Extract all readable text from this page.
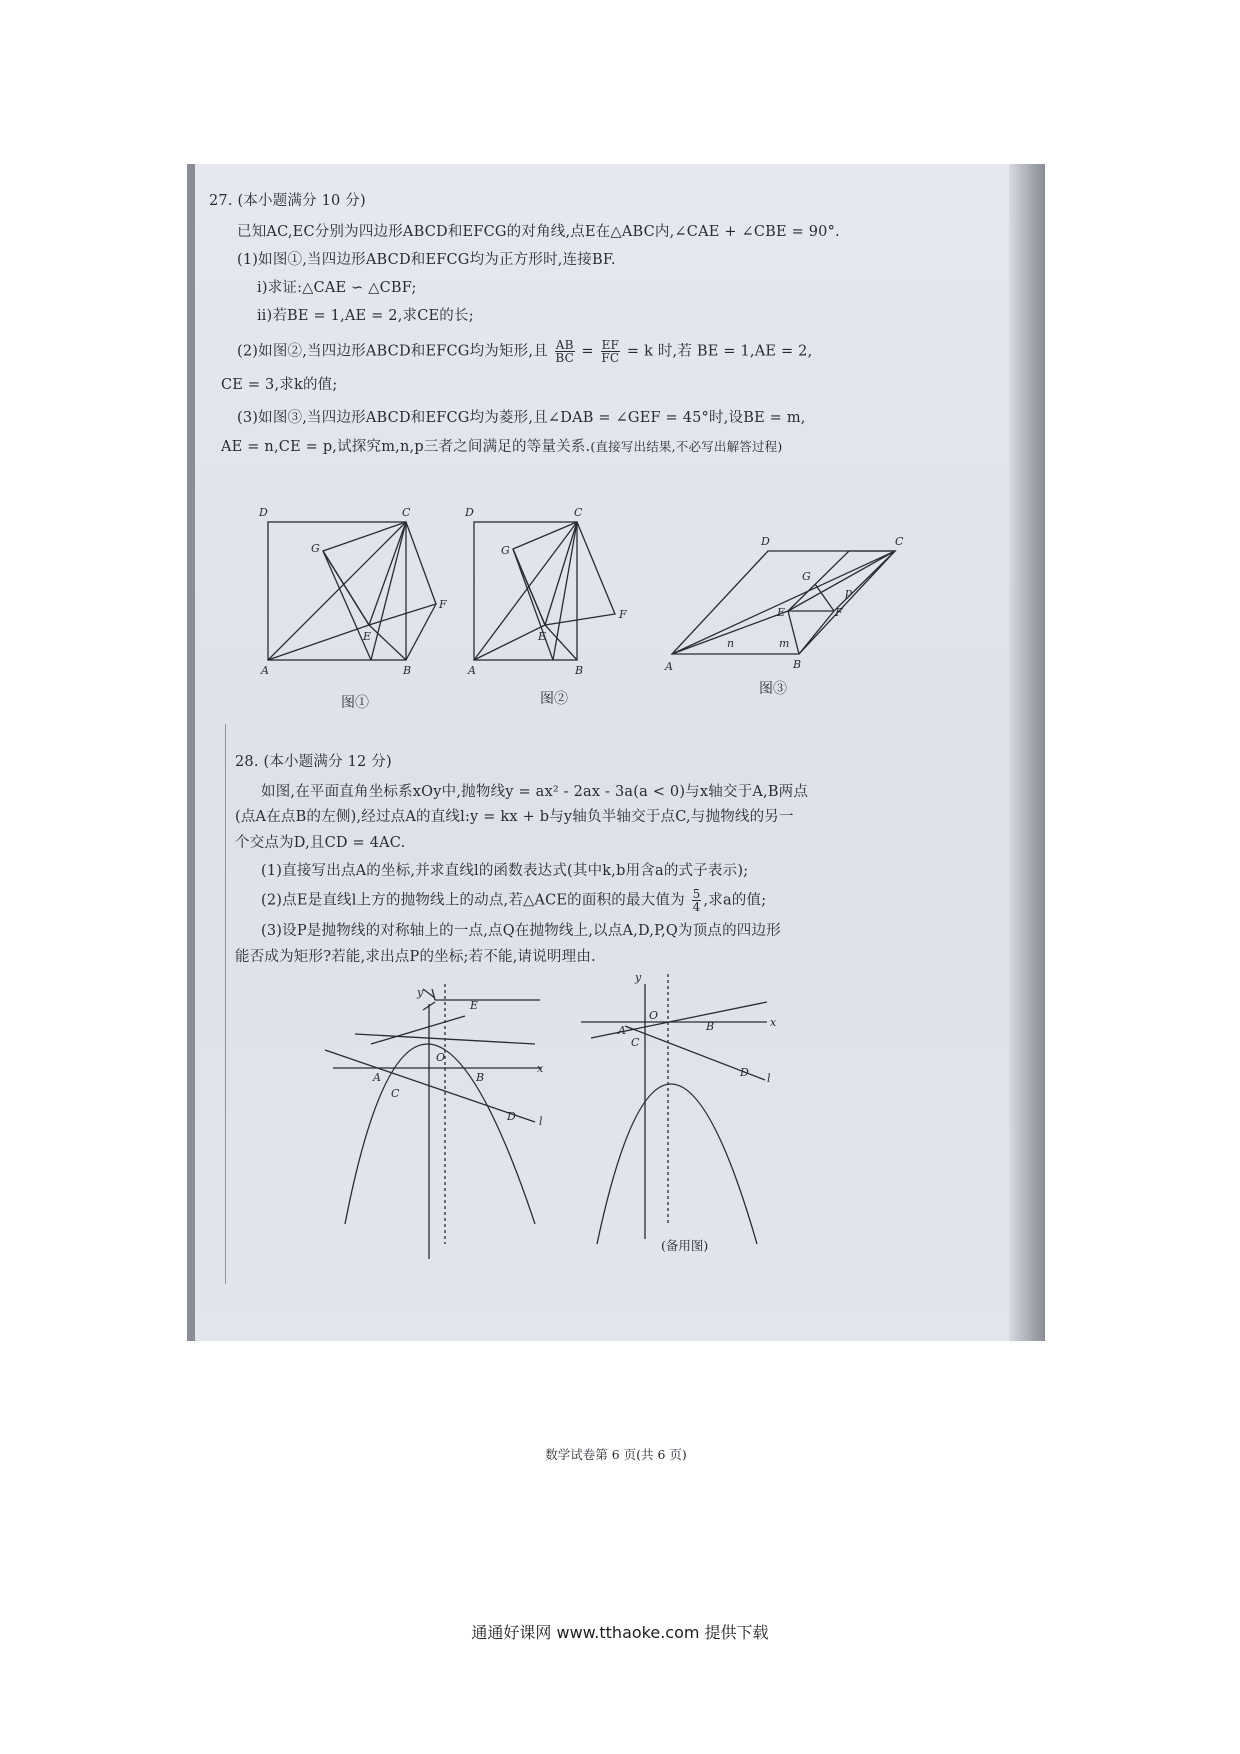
27. (本小题满分 10 分)
已知AC,EC分别为四边形ABCD和EFCG的对角线,点E在△ABC内,∠CAE + ∠CBE = 90°.
(1)如图①,当四边形ABCD和EFCG均为正方形时,连接BF.
ⅰ)求证:△CAE ∽ △CBF;
ⅱ)若BE = 1,AE = 2,求CE的长;
(2)如图②,当四边形ABCD和EFCG均为矩形,且 $\frac{AB}{BC} = \frac{EF}{FC} = k$ 时,若 BE = 1,AE = 2,
CE = 3,求k的值;
(3)如图③,当四边形ABCD和EFCG均为菱形,且∠DAB = ∠GEF = 45°时,设BE = m,
AE = n,CE = p,试探究m,n,p三者之间满足的等量关系.(直接写出结果,不必写出解答过程)
D	C
G
F
E
A	B
D	C
G
F
E
A	B
D	C
G
E	F
p
n	m
A	B
y
x
E
O
B
A
C
D l
y
x
O
A	B
C
D l
图①	图②
图③
28. (本小题满分 12 分)
如图,在平面直角坐标系xOy中,抛物线y = ax² - 2ax - 3a(a < 0)与x轴交于A,B两点
(点A在点B的左侧),经过点A的直线l:y = kx + b与y轴负半轴交于点C,与抛物线的另一
个交点为D,且CD = 4AC.
(1)直接写出点A的坐标,并求直线l的函数表达式(其中k,b用含a的式子表示);
(2)点E是直线l上方的抛物线上的动点,若△ACE的面积的最大值为 $\frac{5}{4}$ ,求a的值;
(3)设P是抛物线的对称轴上的一点,点Q在抛物线上,以点A,D,P,Q为顶点的四边形
能否成为矩形?若能,求出点P的坐标;若不能,请说明理由.
(备用图)
数学试卷第 6 页(共 6 页)
通通好课网 www.tthaoke.com 提供下载
